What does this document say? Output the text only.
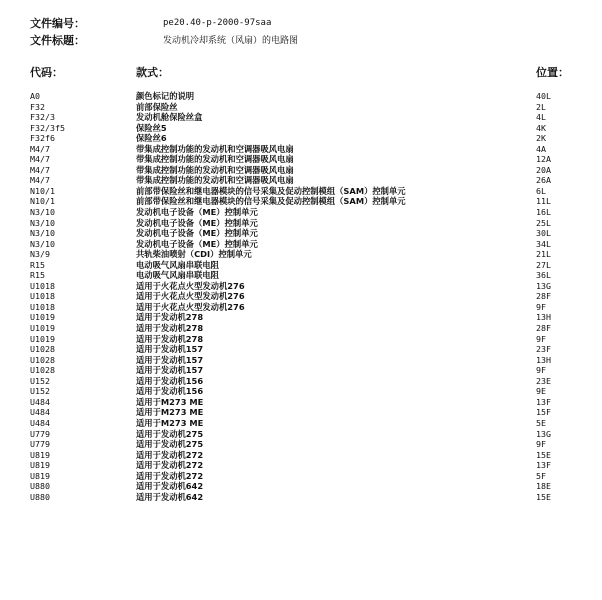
文件编号：	pe20.40-p-2000-97saa
文件标题：	发动机冷却系统（风扇）的电路图
代码：	款式：	位置：
A0	颜色标记的说明	40L
F32	前部保险丝	2L
F32/3	发动机舱保险丝盒	4L
F32/3f5	保险丝5	4K
F32f6	保险丝6	2K
M4/7	带集成控制功能的发动机和空调器吸风电扇	4A
M4/7	带集成控制功能的发动机和空调器吸风电扇	12A
M4/7	带集成控制功能的发动机和空调器吸风电扇	20A
M4/7	带集成控制功能的发动机和空调器吸风电扇	26A
N10/1	前部带保险丝和继电器模块的信号采集及促动控制模组（SAM）控制单元	6L
N10/1	前部带保险丝和继电器模块的信号采集及促动控制模组（SAM）控制单元	11L
N3/10	发动机电子设备（ME）控制单元	16L
N3/10	发动机电子设备（ME）控制单元	25L
N3/10	发动机电子设备（ME）控制单元	30L
N3/10	发动机电子设备（ME）控制单元	34L
N3/9	共轨柴油喷射（CDI）控制单元	21L
R15	电动吸气风扇串联电阻	27L
R15	电动吸气风扇串联电阻	36L
U1018	适用于火花点火型发动机276	13G
U1018	适用于火花点火型发动机276	28F
U1018	适用于火花点火型发动机276	9F
U1019	适用于发动机278	13H
U1019	适用于发动机278	28F
U1019	适用于发动机278	9F
U1028	适用于发动机157	23F
U1028	适用于发动机157	13H
U1028	适用于发动机157	9F
U152	适用于发动机156	23E
U152	适用于发动机156	9E
U484	适用于M273 ME	13F
U484	适用于M273 ME	15F
U484	适用于M273 ME	5E
U779	适用于发动机275	13G
U779	适用于发动机275	9F
U819	适用于发动机272	15E
U819	适用于发动机272	13F
U819	适用于发动机272	5F
U880	适用于发动机642	18E
U880	适用于发动机642	15E
